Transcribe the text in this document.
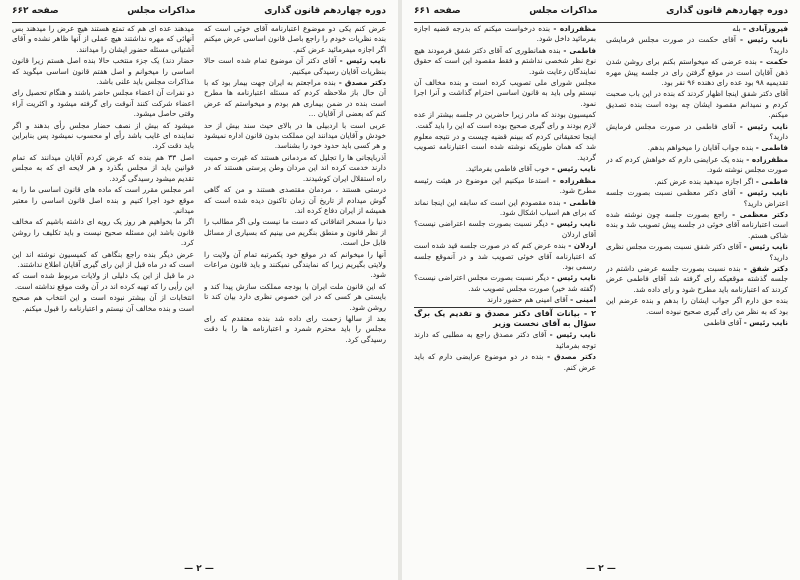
دوره چهاردهم قانون گذاری
مذاکرات مجلس
صفحه ۶۶۲

عرض کنم یکی دو موضوع اعتبارنامه آقای خوئی است که بنده نظریات خودم را راجع باصل قانون اساسی عرض میکنم اگر اجازه میفرمائید عرض کنم.

نایب رئیس - آقای دکتر آن موضوع تمام شده است حالا بنظریات آقایان رسیدگی میکنیم.

دکتر مصدق - بنده مراجعتم به ایران جهت بیمار بود که با آن حال باز ملاحظه کردم که مسئله اعتبارنامه ها مطرح است بنده در ضمن بیماری هم بودم و میخواستم که عرض کنم که بعضی از آقایان ...

عربی است با اردبیلی ها در بالای حیث سند بیش از حد خودش و آقایان میدانند این مملکت بدون قانون اداره نمیشود و هر کسی باید حدود خود را بشناسد.

آذربایجانی ها را تجلیل که مردمانی هستند که غیرت و حمیت دارند خدمت کرده اند این مردان وطن پرستی هستند که در راه استقلال ایران کوشیدند.

درستی هستند ، مردمان مقتصدی هستند و من که گاهی گوش میدادم از تاریخ آن زمان تاکنون دیده شده است که همیشه از ایران دفاع کرده اند.

دنیا را مسخر اتفاقاتی که دست ما نیست ولی اگر مطالب را از نظر قانون و منطق بنگریم می بینیم که بسیاری از مسائل قابل حل است.

آنها را میخوانم که در موقع خود یکمرتبه تمام آن ولایت را ولایتی بگیریم زیرا که نمایندگی نمیکنند و باید قانون مراعات شود.

که این قانون ملت ایران با بودجه مملکت سازش پیدا کند و بایستی هر کسی که در این خصوص نظری دارد بیان کند تا روشن شود.

بعد از سالها زحمت رای داده شد بنده معتقدم که رای مجلس را باید محترم شمرد و اعتبارنامه ها را با دقت رسیدگی کرد.

میدهند عده ای هم که تمتع هستند هیچ عرض را میدهند بس آنهائی که مهره نداشتند هیچ عملی از آنها ظاهر نشده و آقای آشتیانی مسئله حضور ایشان را میدانند.

حضار دند) یک جزء منتخب حالا بنده اصل هستم زیرا قانون اساسی را میخوانم و اصل هفتم قانون اساسی میگوید که مذاکرات مجلس باید علنی باشد.

دو نفرات آن اعضاء مجلس حاضر باشند و هنگام تحصیل رای اعضاء شرکت کنند آنوقت رای گرفته میشود و اکثریت آراء وقتی حاصل میشود.

میشود که بیش از نصف حضار مجلس رأی بدهند و اگر نماینده ای غایب باشد رأی او محسوب نمیشود پس بنابراین باید دقت کرد.

اصل ۳۳ هم بنده که عرض کردم آقایان میدانند که تمام قوانین باید از مجلس بگذرد و هر لایحه ای که به مجلس تقدیم میشود رسیدگی گردد.

امر مجلس مقرر است که ماده های قانون اساسی ما را به موقع خود اجرا کنیم و بنده اصل قانون اساسی را معتبر میدانم.

اگر ما بخواهیم هر روز یک رویه ای داشته باشیم که مخالف قانون باشد این مسئله صحیح نیست و باید تکلیف را روشن کرد.

عرض دیگر بنده راجع بنگاهی که کمیسیون نوشته اند این است که در ماه قبل از این رای گیری آقایان اطلاع نداشتند.

در ما قبل از این یک دلیلی از ولایات مربوط شده است که این رأیی را که تهیه کرده اند در آن وقت موقع نداشته است.

انتخابات از آن بیشتر نبوده است و این انتخاب هم صحیح است و بنده مخالف آن نیستم و اعتبارنامه را قبول میکنم.

— ۲ —
دوره چهاردهم قانون گذاری
مذاکرات مجلس
صفحه ۶۶۱

فیروزآبادی - بله

نایب رئیس - آقای حکمت در صورت مجلس فرمایشی دارید؟

حکمت - بنده عرضی که میخواستم بکنم برای روشن شدن ذهن آقایان است در موقع گرفتن رای در جلسه پیش مهره تقدیمیه ۹۸ بود عده رای دهنده ۹۶ نفر بود.

آقای دکتر شفق اینجا اظهار کردند که بنده در این باب صحبت کردم و نمیدانم مقصود ایشان چه بوده است بنده تصدیق میکنم.

نایب رئیس - آقای فاطمی در صورت مجلس فرمایش دارید؟

فاطمی - بنده جواب آقایان را میخواهم بدهم.

مظفرزاده - بنده یک عرایضی دارم که خواهش کردم که در صورت مجلس نوشته شود.

فاطمی - اگر اجازه میدهید بنده عرض کنم.

نایب رئیس - آقای دکتر معظمی نسبت بصورت جلسه اعتراض دارید؟

دکتر معظمی - راجع بصورت جلسه چون نوشته شده است اعتبارنامه آقای خوئی در جلسه پیش تصویب شد و بنده شاکی هستم.

نایب رئیس - آقای دکتر شفق نسبت بصورت مجلس نظری دارید؟

دکتر شفق - بنده نسبت بصورت جلسه عرضی داشتم در جلسه گذشته موقعیکه رای گرفته شد آقای فاطمی عرض کردند که اعتبارنامه باید مطرح شود و رای داده شد.

بنده حق دارم اگر جواب ایشان را بدهم و بنده عرضم این بود که به نظر من رای گیری صحیح نبوده است.

نایب رئیس - آقای فاطمی

مظفرزاده - بنده درخواست میکنم که بدرجه قضیه اجازه بفرمائید داخل شود.

فاطمی - بنده همانطوری که آقای دکتر شفق فرمودند هیچ نوع نظر شخصی نداشتم و فقط مقصود این است که حقوق نمایندگان رعایت شود.

مجلس شورای ملی تصویب کرده است و بنده مخالف آن نیستم ولی باید به قانون اساسی احترام گذاشت و آنرا اجرا نمود.

کمیسیون بودند که مادر زیرا حاضرین در جلسه بیشتر از عده لازم بودند و رای گیری صحیح بوده است که این را باید گفت.

اینجا تحقیقاتی کردم که ببینم قضیه چیست و در نتیجه معلوم شد که همان طوریکه نوشته شده است اعتبارنامه تصویب گردید.

نایب رئیس - خوب آقای فاطمی بفرمائید.

مظفرزاده - استدعا میکنیم این موضوع در هیئت رئیسه مطرح شود.

فاطمی - بنده مقصودم این است که سابقه این اینجا نماند که برای هم اسباب اشکال شود.

نایب رئیس - دیگر نسبت بصورت جلسه اعتراضی نیست؟ آقای اردلان

اردلان - بنده عرض کنم که در صورت جلسه قید شده است که اعتبارنامه آقای خوئی تصویب شد و در آنموقع جلسه رسمی بود.

نایب رئیس - دیگر نسبت بصورت مجلس اعتراضی نیست؟ (گفته شد خیر) صورت مجلس تصویب شد.

امینی - آقای امینی هم حضور دارند

۲ - بیانات آقای دکتر مصدق و تقدیم یک برگ سؤال به آقای نخست وزیر

نایب رئیس - آقای دکتر مصدق راجع به مطلبی که دارند توجه بفرمائید

دکتر مصدق - بنده در دو موضوع عرایضی دارم که باید عرض کنم.

— ۲ —
